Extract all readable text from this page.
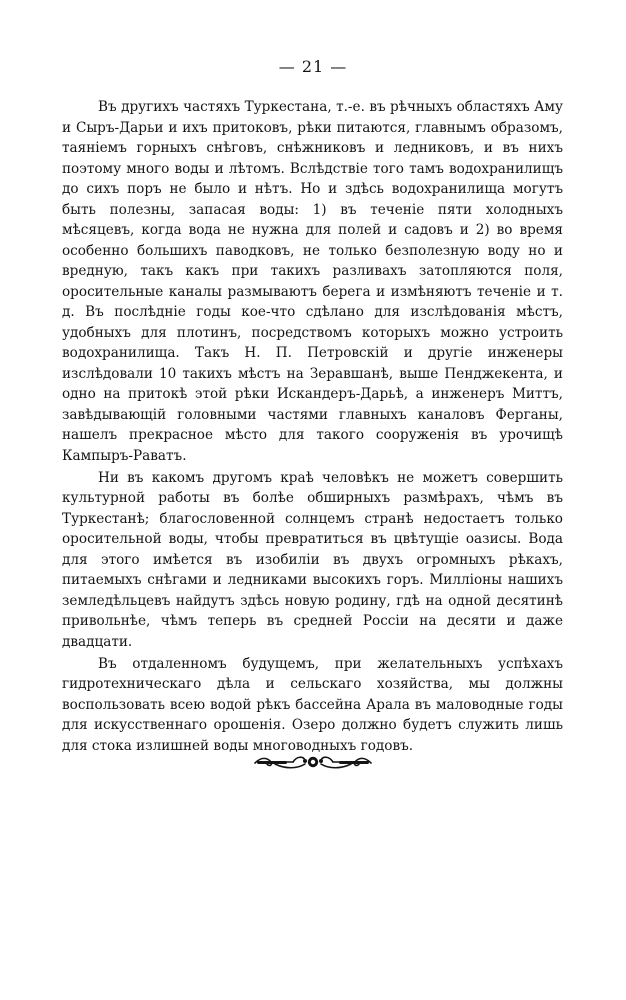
— 21 —

Въ другихъ частяхъ Туркестана, т.-е. въ рѣчныхъ областяхъ Аму и Сыръ-Дарьи и ихъ притоковъ, рѣки питаются, главнымъ образомъ, таяніемъ горныхъ снѣговъ, снѣжниковъ и ледниковъ, и въ нихъ поэтому много воды и лѣтомъ. Вслѣдствіе того тамъ водохранилищъ до сихъ поръ не было и нѣтъ. Но и здѣсь водохранилища могутъ быть полезны, запасая воды: 1) въ теченіе пяти холодныхъ мѣсяцевъ, когда вода не нужна для полей и садовъ и 2) во время особенно большихъ паводковъ, не только безполезную воду но и вредную, такъ какъ при такихъ разливахъ затопляются поля, оросительные каналы размываютъ берега и измѣняютъ теченіе и т. д. Въ послѣдніе годы кое-что сдѣлано для изслѣдованія мѣстъ, удобныхъ для плотинъ, посредствомъ которыхъ можно устроить водохранилища. Такъ Н. П. Петровскій и другіе инженеры изслѣдовали 10 такихъ мѣстъ на Зеравшанѣ, выше Пенджекента, и одно на притокѣ этой рѣки Искандеръ-Дарьѣ, а инженеръ Миттъ, завѣдывающій головными частями главныхъ каналовъ Ферганы, нашелъ прекрасное мѣсто для такого сооруженія въ урочищѣ Кампыръ-Раватъ.

Ни въ какомъ другомъ краѣ человѣкъ не можетъ совершить культурной работы въ болѣе обширныхъ размѣрахъ, чѣмъ въ Туркестанѣ; благословенной солнцемъ странѣ недостаетъ только оросительной воды, чтобы превратиться въ цвѣтущіе оазисы. Вода для этого имѣется въ изобиліи въ двухъ огромныхъ рѣкахъ, питаемыхъ снѣгами и ледниками высокихъ горъ. Милліоны нашихъ земледѣльцевъ найдутъ здѣсь новую родину, гдѣ на одной десятинѣ привольнѣе, чѣмъ теперь въ средней Россіи на десяти и даже двадцати.

Въ отдаленномъ будущемъ, при желательныхъ успѣхахъ гидротехническаго дѣла и сельскаго хозяйства, мы должны воспользовать всею водой рѣкъ бассейна Арала въ маловодные годы для искусственнаго орошенія. Озеро должно будетъ служить лишь для стока излишней воды многоводныхъ годовъ.
